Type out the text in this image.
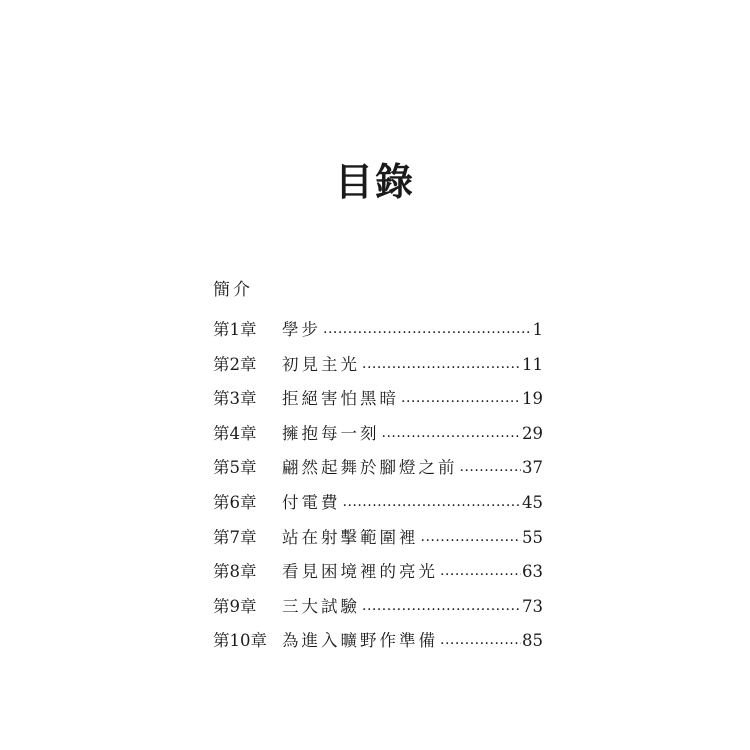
目錄
簡介
第1章	學步 .....	1
第2章	初見主光 .....	11
第3章	拒絕害怕黑暗 .....	19
第4章	擁抱每一刻 .....	29
第5章	翩然起舞於腳燈之前 .....	37
第6章	付電費 .....	45
第7章	站在射擊範圍裡 .....	55
第8章	看見困境裡的亮光 .....	63
第9章	三大試驗 .....	73
第10章 為進入曠野作準備 .....	85
